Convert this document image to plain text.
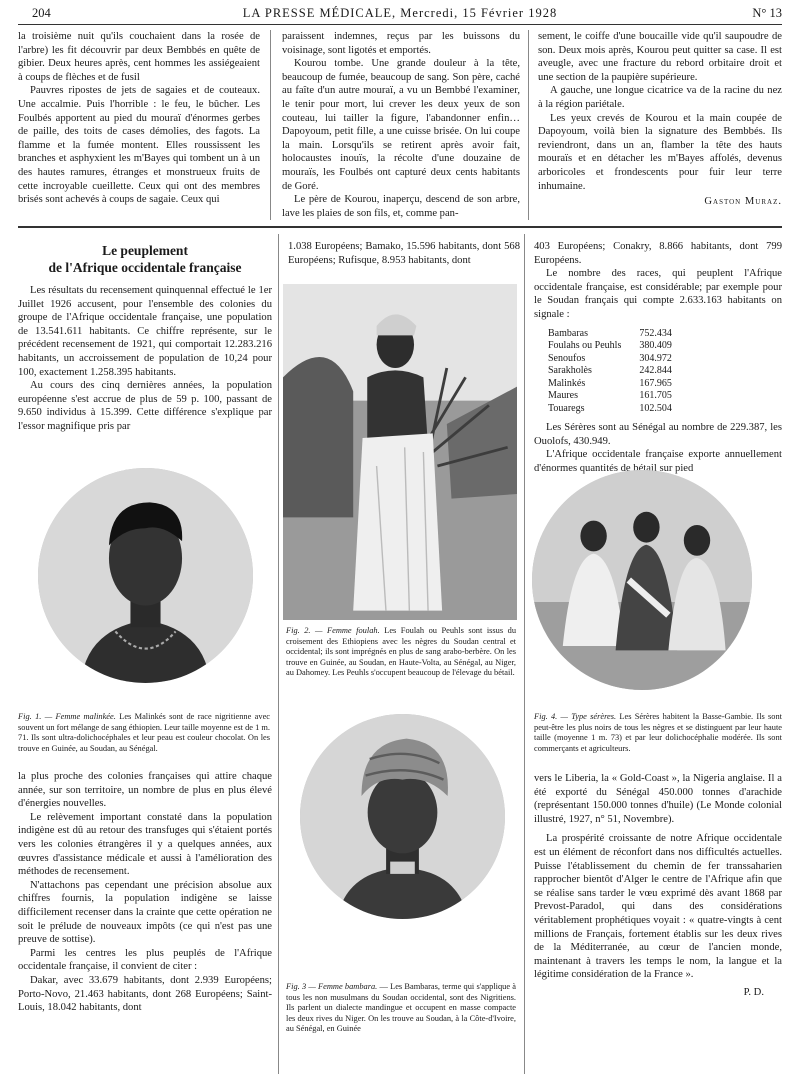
204	LA PRESSE MÉDICALE, Mercredi, 15 Février 1928	N° 13

la troisième nuit qu'ils couchaient dans la rosée de l'arbre) les fit découvrir par deux Bembbés en quête de gibier. Deux heures après, cent hommes les assiégeaient à coups de flèches et de fusil

Pauvres ripostes de jets de sagaies et de couteaux. Une accalmie. Puis l'horrible : le feu, le bûcher. Les Foulbés apportent au pied du mouraï d'énormes gerbes de paille, des toits de cases démolies, des fagots. La flamme et la fumée montent. Elles roussissent les branches et asphyxient les m'Bayes qui tombent un à un des hautes ramures, étranges et monstrueux fruits de cette incroyable cueillette. Ceux qui ont des membres brisés sont achevés à coups de sagaie. Ceux qui

paraissent indemnes, reçus par les buissons du voisinage, sont ligotés et emportés.

Kourou tombe. Une grande douleur à la tête, beaucoup de fumée, beaucoup de sang. Son père, caché au faîte d'un autre mouraï, a vu un Bembbé l'examiner, le tenir pour mort, lui crever les deux yeux de son couteau, lui tailler la figure, l'abandonner enfin… Dapoyoum, petit fille, a une cuisse brisée. On lui coupe la main. Lorsqu'ils se retirent après avoir fait, holocaustes inouïs, la récolte d'une douzaine de mouraïs, les Foulbés ont capturé deux cents habitants de Goré.

Le père de Kourou, inaperçu, descend de son arbre, lave les plaies de son fils, et, comme pan-

sement, le coiffe d'une boucaille vide qu'il saupoudre de son. Deux mois après, Kourou peut quitter sa case. Il est aveugle, avec une fracture du rebord orbitaire droit et une section de la paupière supérieure.

A gauche, une longue cicatrice va de la racine du nez à la région pariétale.

Les yeux crevés de Kourou et la main coupée de Dapoyoum, voilà bien la signature des Bembbés. Ils reviendront, dans un an, flamber la tête des hauts mouraïs et en détacher les m'Bayes affolés, devenus arboricoles et frondescents pour fuir leur terre inhumaine.

Gaston Muraz.
Le peuplement
de l'Afrique occidentale française

Les résultats du recensement quinquennal effectué le 1er Juillet 1926 accusent, pour l'ensemble des colonies du groupe de l'Afrique occidentale française, une population de 13.541.611 habitants. Ce chiffre représente, sur le précédent recensement de 1921, qui comportait 12.283.216 habitants, un accroissement de population de 10,24 pour 100, exactement 1.258.395 habitants.

Au cours des cinq dernières années, la population européenne s'est accrue de plus de 59 p. 100, passant de 9.650 individus à 15.399. Cette différence s'explique par l'essor magnifique pris par

Fig. 1. — Femme malinkée. Les Malinkés sont de race nigritienne avec souvent un fort mélange de sang éthiopien. Leur taille moyenne est de 1 m. 71. Ils sont ultra-dolichocéphales et leur peau est couleur chocolat. On les trouve en Guinée, au Soudan, au Sénégal.

la plus proche des colonies françaises qui attire chaque année, sur son territoire, un nombre de plus en plus élevé d'énergies nouvelles.

Le relèvement important constaté dans la population indigène est dû au retour des transfuges qui s'étaient portés vers les colonies étrangères il y a quelques années, aux œuvres d'assistance médicale et aussi à l'amélioration des méthodes de recensement.

N'attachons pas cependant une précision absolue aux chiffres fournis, la population indigène se laisse difficilement recenser dans la crainte que cette opération ne soit le prélude de nouveaux impôts (ce qui n'est pas une preuve de sottise).

Parmi les centres les plus peuplés de l'Afrique occidentale française, il convient de citer :

Dakar, avec 33.679 habitants, dont 2.939 Européens; Porto-Novo, 21.463 habitants, dont 268 Européens; Saint-Louis, 18.042 habitants, dont

1.038 Européens; Bamako, 15.596 habitants, dont 568 Européens; Rufisque, 8.953 habitants, dont

Fig. 2. — Femme foulah. Les Foulah ou Peuhls sont issus du croisement des Ethiopiens avec les nègres du Soudan central et occidental; ils sont imprégnés en plus de sang arabo-berbère. On les trouve en Guinée, au Soudan, en Haute-Volta, au Sénégal, au Niger, au Dahomey. Les Peuhls s'occupent beaucoup de l'élevage du bétail.
Fig. 3 — Femme bambara. — Les Bambaras, terme qui s'applique à tous les non musulmans du Soudan occidental, sont des Nigritiens. Ils parlent un dialecte mandingue et occupent en masse compacte les deux rives du Niger. On les trouve au Soudan, à la Côte-d'Ivoire, au Sénégal, en Guinée

403 Européens; Conakry, 8.866 habitants, dont 799 Européens.

Le nombre des races, qui peuplent l'Afrique occidentale française, est considérable; par exemple pour le Soudan français qui compte 2.633.163 habitants on signale :

Bambaras	752.434
Foulahs ou Peuhls	380.409
Senoufos	304.972
Sarakholès	242.844
Malinkés	167.965
Maures	161.705
Touaregs	102.504

Les Sérères sont au Sénégal au nombre de 229.387, les Ouolofs, 430.949.

L'Afrique occidentale française exporte annuellement d'énormes quantités de bétail sur pied

Fig. 4. — Type sérères. Les Sérères habitent la Basse-Gambie. Ils sont peut-être les plus noirs de tous les nègres et se distinguent par leur haute taille (moyenne 1 m. 73) et par leur dolichocéphalie modérée. Ils sont commerçants et agriculteurs.

vers le Liberia, la « Gold-Coast », la Nigeria anglaise. Il a été exporté du Sénégal 450.000 tonnes d'arachide (représentant 150.000 tonnes d'huile) (Le Monde colonial illustré, 1927, n° 51, Novembre).

La prospérité croissante de notre Afrique occidentale est un élément de réconfort dans nos difficultés actuelles. Puisse l'établissement du chemin de fer transsaharien rapprocher bientôt d'Alger le centre de l'Afrique afin que se réalise sans tarder le vœu exprimé dès avant 1868 par Prevost-Paradol, qui dans des considérations véritablement prophétiques voyait : « quatre-vingts à cent millions de Français, fortement établis sur les deux rives de la Méditerranée, au cœur de l'ancien monde, maintenant à travers les temps le nom, la langue et la légitime considération de la France ».

P. D.
